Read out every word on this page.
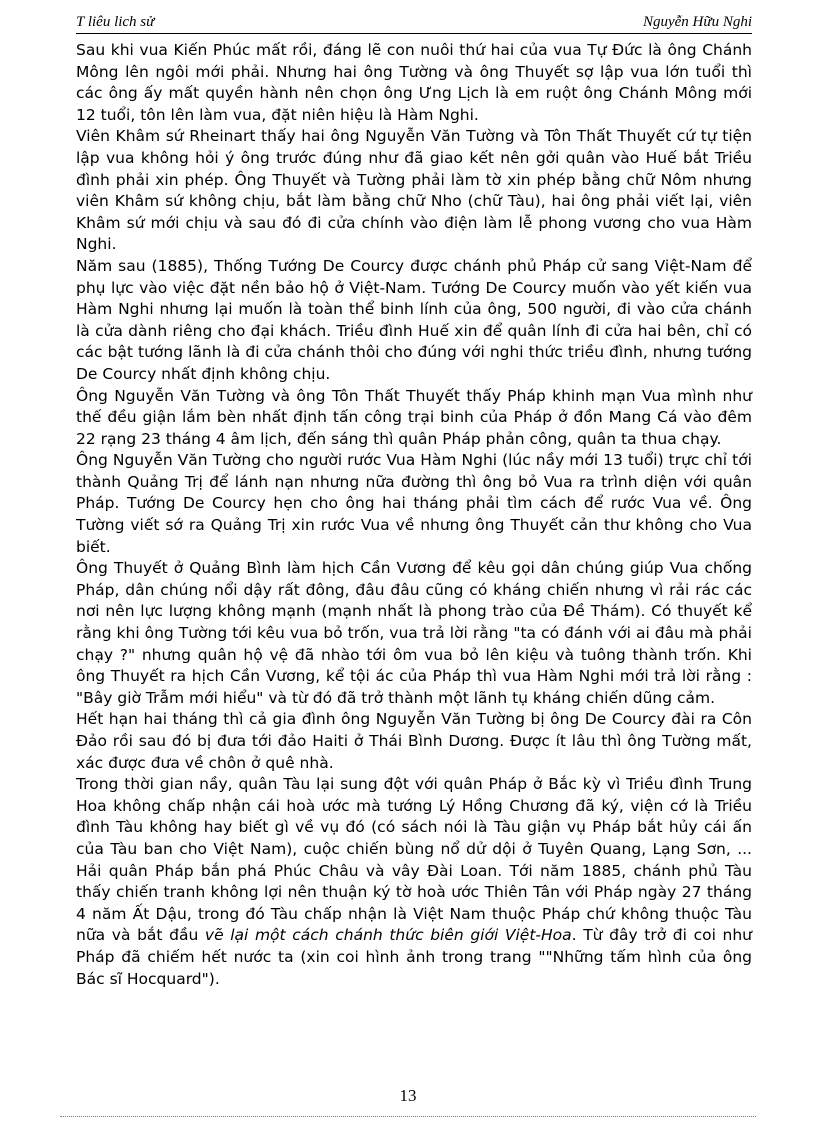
T liêu lich sử	Nguyễn Hữu Nghi

Sau khi vua Kiến Phúc mất rồi, đáng lẽ con nuôi thứ hai của vua Tự Đức là ông Chánh Mông lên ngôi mới phải. Nhưng hai ông Tường và ông Thuyết sợ lập vua lớn tuổi thì các ông ấy mất quyền hành nên chọn ông Ưng Lịch là em ruột ông Chánh Mông mới 12 tuổi, tôn lên làm vua, đặt niên hiệu là Hàm Nghi.

Viên Khâm sứ Rheinart thấy hai ông Nguyễn Văn Tường và Tôn Thất Thuyết cứ tự tiện lập vua không hỏi ý ông trước đúng như đã giao kết nên gởi quân vào Huế bắt Triều đình phải xin phép. Ông Thuyết và Tường phải làm tờ xin phép bằng chữ Nôm nhưng viên Khâm sứ không chịu, bắt làm bằng chữ Nho (chữ Tàu), hai ông phải viết lại, viên Khâm sứ mới chịu và sau đó đi cửa chính vào điện làm lễ phong vương cho vua Hàm Nghi.

Năm sau (1885), Thống Tướng De Courcy được chánh phủ Pháp cử sang Việt-Nam để phụ lực vào việc đặt nền bảo hộ ở Việt-Nam. Tướng De Courcy muốn vào yết kiến vua Hàm Nghi nhưng lại muốn là toàn thể binh lính của ông, 500 người, đi vào cửa chánh là cửa dành riêng cho đại khách. Triều đình Huế xin để quân lính đi cửa hai bên, chỉ có các bật tướng lãnh là đi cửa chánh thôi cho đúng với nghi thức triều đình, nhưng tướng De Courcy nhất định không chịu.

Ông Nguyễn Văn Tường và ông Tôn Thất Thuyết thấy Pháp khinh mạn Vua mình như thế đều giận lắm bèn nhất định tấn công trại binh của Pháp ở đồn Mang Cá vào đêm 22 rạng 23 tháng 4 âm lịch, đến sáng thì quân Pháp phản công, quân ta thua chạy.

Ông Nguyễn Văn Tường cho người rước Vua Hàm Nghi (lúc nầy mới 13 tuổi) trực chỉ tới thành Quảng Trị để lánh nạn nhưng nữa đường thì ông bỏ Vua ra trình diện với quân Pháp. Tướng De Courcy hẹn cho ông hai tháng phải tìm cách để rước Vua về. Ông Tường viết sớ ra Quảng Trị xin rước Vua về nhưng ông Thuyết cản thư không cho Vua biết.

Ông Thuyết ở Quảng Bình làm hịch Cần Vương để kêu gọi dân chúng giúp Vua chống Pháp, dân chúng nổi dậy rất đông, đâu đâu cũng có kháng chiến nhưng vì rải rác các nơi nên lực lượng không mạnh (mạnh nhất là phong trào của Đề Thám). Có thuyết kể rằng khi ông Tường tới kêu vua bỏ trốn, vua trả lời rằng "ta có đánh với ai đâu mà phải chạy ?" nhưng quân hộ vệ đã nhào tới ôm vua bỏ lên kiệu và tuông thành trốn. Khi ông Thuyết ra hịch Cần Vương, kể tội ác của Pháp thì vua Hàm Nghi mới trả lời rằng : "Bây giờ Trẫm mới hiểu" và từ đó đã trở thành một lãnh tụ kháng chiến dũng cảm.

Hết hạn hai tháng thì cả gia đình ông Nguyễn Văn Tường bị ông De Courcy đài ra Côn Đảo rồi sau đó bị đưa tới đảo Haiti ở Thái Bình Dương. Được ít lâu thì ông Tường mất, xác được đưa về chôn ở quê nhà.

Trong thời gian nầy, quân Tàu lại sung đột với quân Pháp ở Bắc kỳ vì Triều đình Trung Hoa không chấp nhận cái hoà ước mà tướng Lý Hồng Chương đã ký, viện cớ là Triều đình Tàu không hay biết gì về vụ đó (có sách nói là Tàu giận vụ Pháp bắt hủy cái ấn của Tàu ban cho Việt Nam), cuộc chiến bùng nổ dử dội ở Tuyên Quang, Lạng Sơn, ... Hải quân Pháp bắn phá Phúc Châu và vây Đài Loan. Tới năm 1885, chánh phủ Tàu thấy chiến tranh không lợi nên thuận ký tờ hoà ước Thiên Tân với Pháp ngày 27 tháng 4 năm Ất Dậu, trong đó Tàu chấp nhận là Việt Nam thuộc Pháp chứ không thuộc Tàu nữa và bắt đầu vẽ lại một cách chánh thức biên giới Việt-Hoa. Từ đây trở đi coi như Pháp đã chiếm hết nước ta (xin coi hình ảnh trong trang ""Những tấm hình của ông Bác sĩ Hocquard").

13
